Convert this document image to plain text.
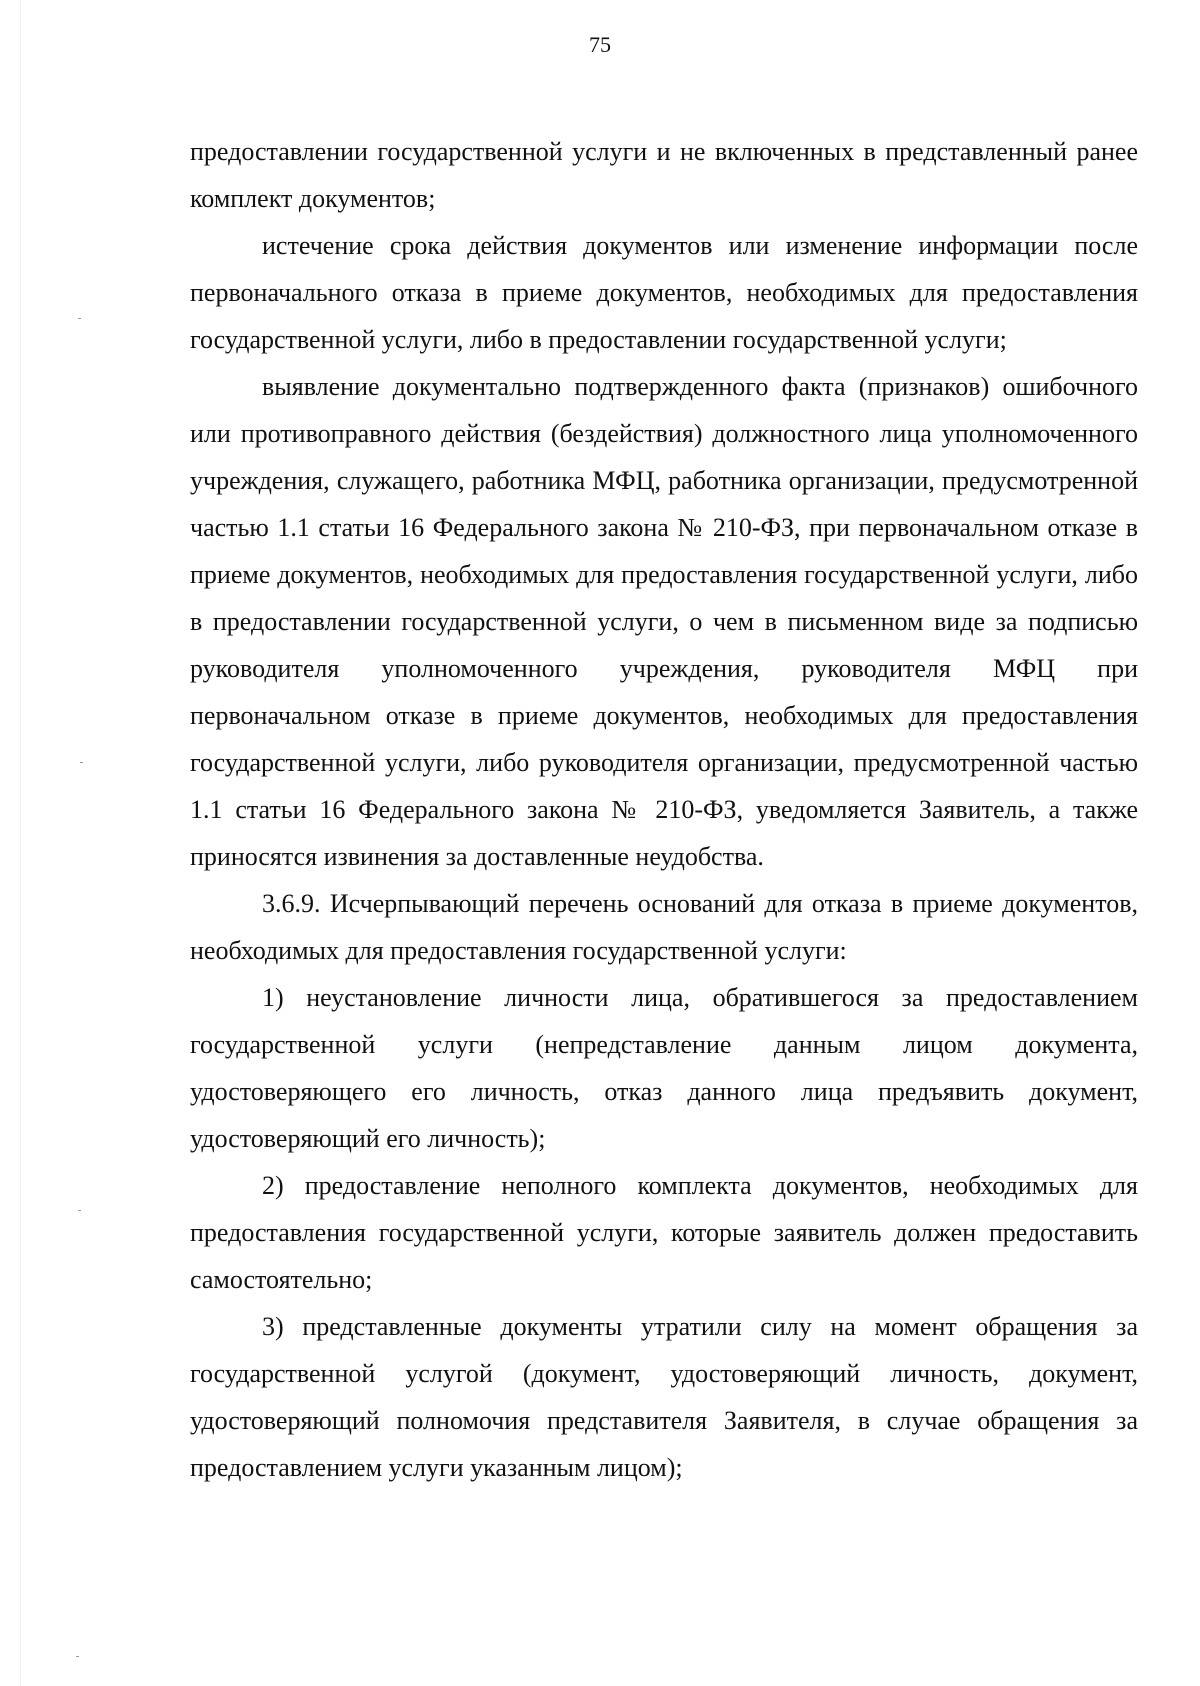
75

предоставлении государственной услуги и не включенных в представленный ранее комплект документов;

истечение срока действия документов или изменение информации после первоначального отказа в приеме документов, необходимых для предоставления государственной услуги, либо в предоставлении государственной услуги;

выявление документально подтвержденного факта (признаков) ошибочного или противоправного действия (бездействия) должностного лица уполномоченного учреждения, служащего, работника МФЦ, работника организации, предусмотренной частью 1.1 статьи 16 Федерального закона № 210-ФЗ, при первоначальном отказе в приеме документов, необходимых для предоставления государственной услуги, либо в предоставлении государственной услуги, о чем в письменном виде за подписью руководителя уполномоченного учреждения, руководителя МФЦ при первоначальном отказе в приеме документов, необходимых для предоставления государственной услуги, либо руководителя организации, предусмотренной частью 1.1 статьи 16 Федерального закона № 210-ФЗ, уведомляется Заявитель, а также приносятся извинения за доставленные неудобства.

3.6.9. Исчерпывающий перечень оснований для отказа в приеме документов, необходимых для предоставления государственной услуги:

1) неустановление личности лица, обратившегося за предоставлением государственной услуги (непредставление данным лицом документа, удостоверяющего его личность, отказ данного лица предъявить документ, удостоверяющий его личность);

2) предоставление неполного комплекта документов, необходимых для предоставления государственной услуги, которые заявитель должен предоставить самостоятельно;

3) представленные документы утратили силу на момент обращения за государственной услугой (документ, удостоверяющий личность, документ, удостоверяющий полномочия представителя Заявителя, в случае обращения за предоставлением услуги указанным лицом);
